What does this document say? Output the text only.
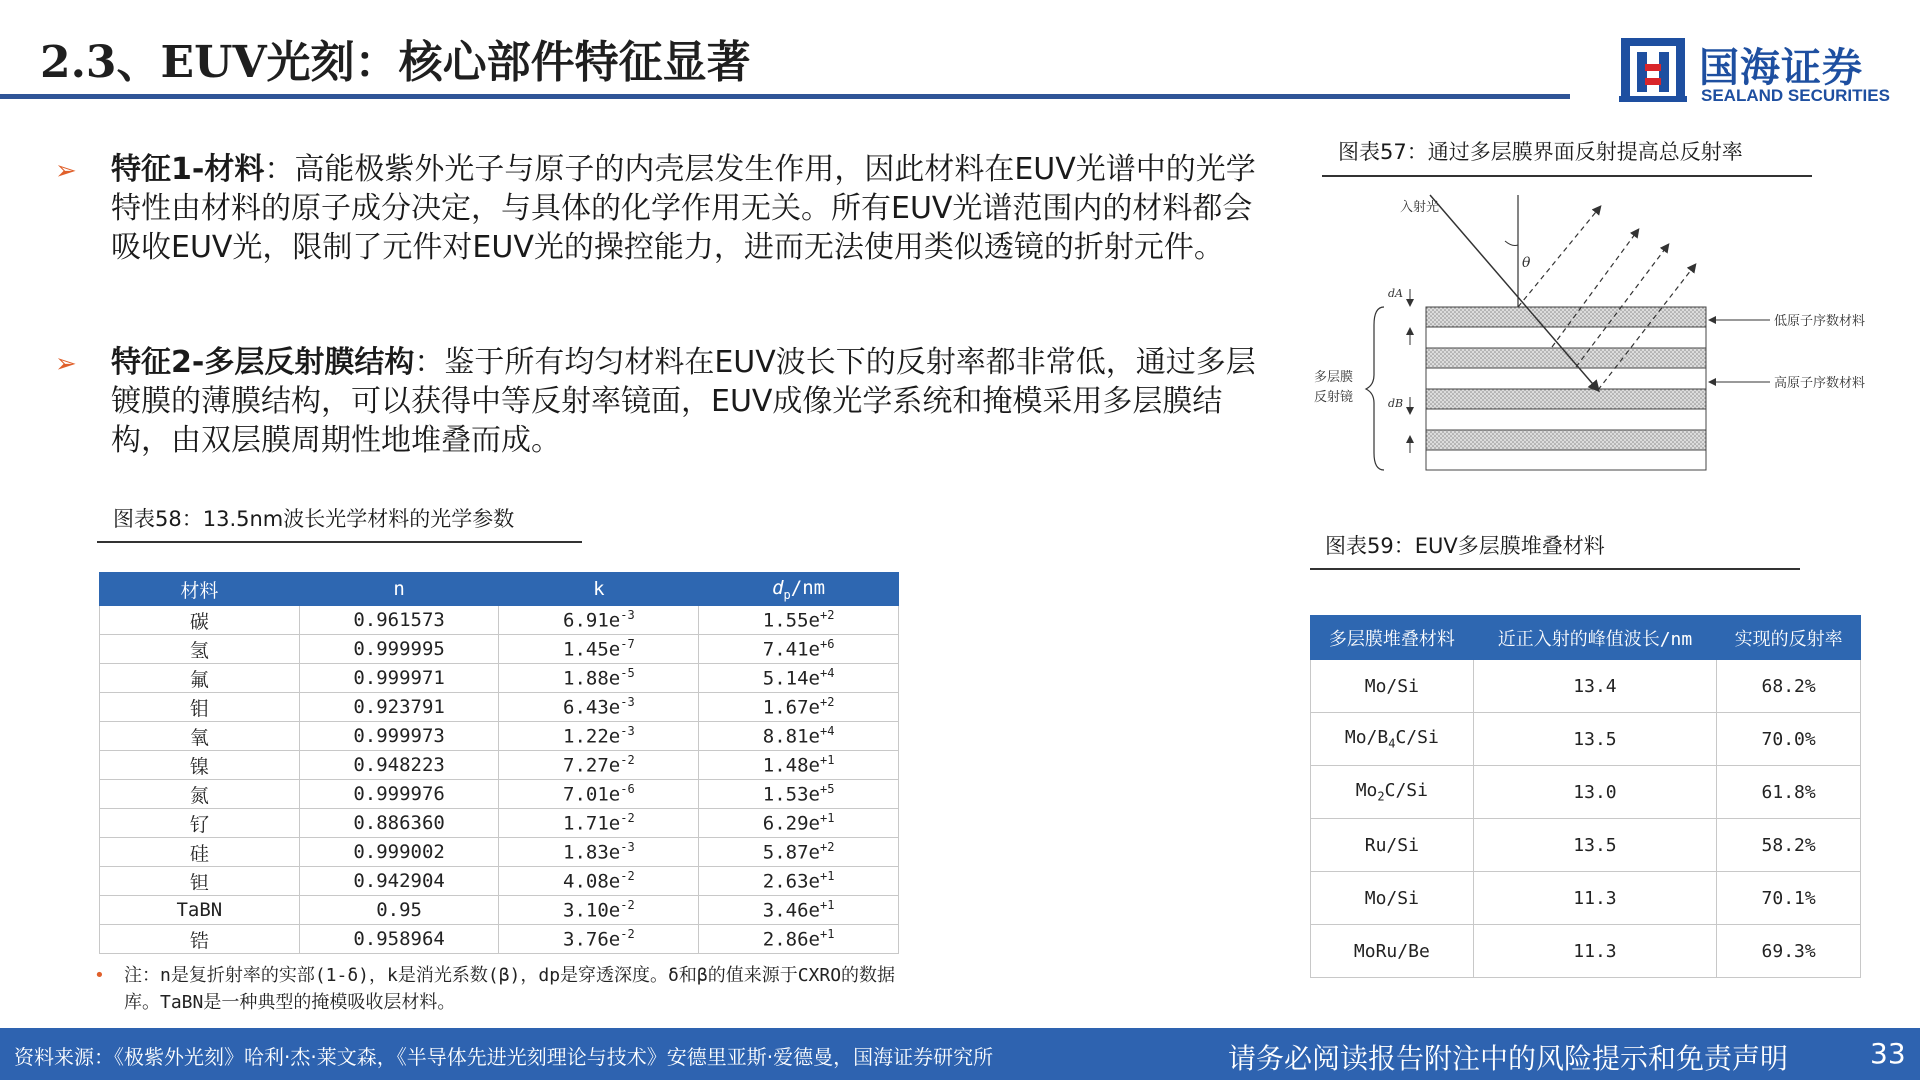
2.3、EUV光刻：核心部件特征显著	国海证券
SEALAND SECURITIES
➢	特征1-材料：高能极紫外光子与原子的内壳层发生作用，因此材料在EUV光谱中的光学特性由材料的原子成分决定，与具体的化学作用无关。所有EUV光谱范围内的材料都会吸收EUV光，限制了元件对EUV光的操控能力，进而无法使用类似透镜的折射元件。
➢	特征2-多层反射膜结构：鉴于所有均匀材料在EUV波长下的反射率都非常低，通过多层镀膜的薄膜结构，可以获得中等反射率镜面，EUV成像光学系统和掩模采用多层膜结构，由双层膜周期性地堆叠而成。
图表57：通过多层膜界面反射提高总反射率
θ
入射光
dA
dB
多层膜
反射镜
低原子序数材料
高原子序数材料
图表58：13.5nm波长光学材料的光学参数
材料	n	k	$d_p/nm$
碳	0.961573	$6.91e^{-3}$	$1.55e^{+2}$
氢	0.999995	$1.45e^{-7}$	$7.41e^{+6}$
氟	0.999971	$1.88e^{-5}$	$5.14e^{+4}$
钼	0.923791	$6.43e^{-3}$	$1.67e^{+2}$
氧	0.999973	$1.22e^{-3}$	$8.81e^{+4}$
镍	0.948223	$7.27e^{-2}$	$1.48e^{+1}$
氮	0.999976	$7.01e^{-6}$	$1.53e^{+5}$
钌	0.886360	$1.71e^{-2}$	$6.29e^{+1}$
硅	0.999002	$1.83e^{-3}$	$5.87e^{+2}$
钽	0.942904	$4.08e^{-2}$	$2.63e^{+1}$
TaBN	0.95	$3.10e^{-2}$	$3.46e^{+1}$
锆	0.958964	$3.76e^{-2}$	$2.86e^{+1}$
•	注：n是复折射率的实部(1-δ)，k是消光系数(β)，dp是穿透深度。δ和β的值来源于CXRO的数据库。TaBN是一种典型的掩模吸收层材料。
图表59：EUV多层膜堆叠材料
多层膜堆叠材料	近正入射的峰值波长/nm	实现的反射率
Mo/Si	13.4	68.2%
$Mo/B_4C/Si$	13.5	70.0%
$Mo_2C/Si$	13.0	61.8%
Ru/Si	13.5	58.2%
Mo/Si	11.3	70.1%
MoRu/Be	11.3	69.3%
资料来源：《极紫外光刻》哈利·杰·莱文森，《半导体先进光刻理论与技术》安德里亚斯·爱德曼，国海证券研究所	请务必阅读报告附注中的风险提示和免责声明	33
